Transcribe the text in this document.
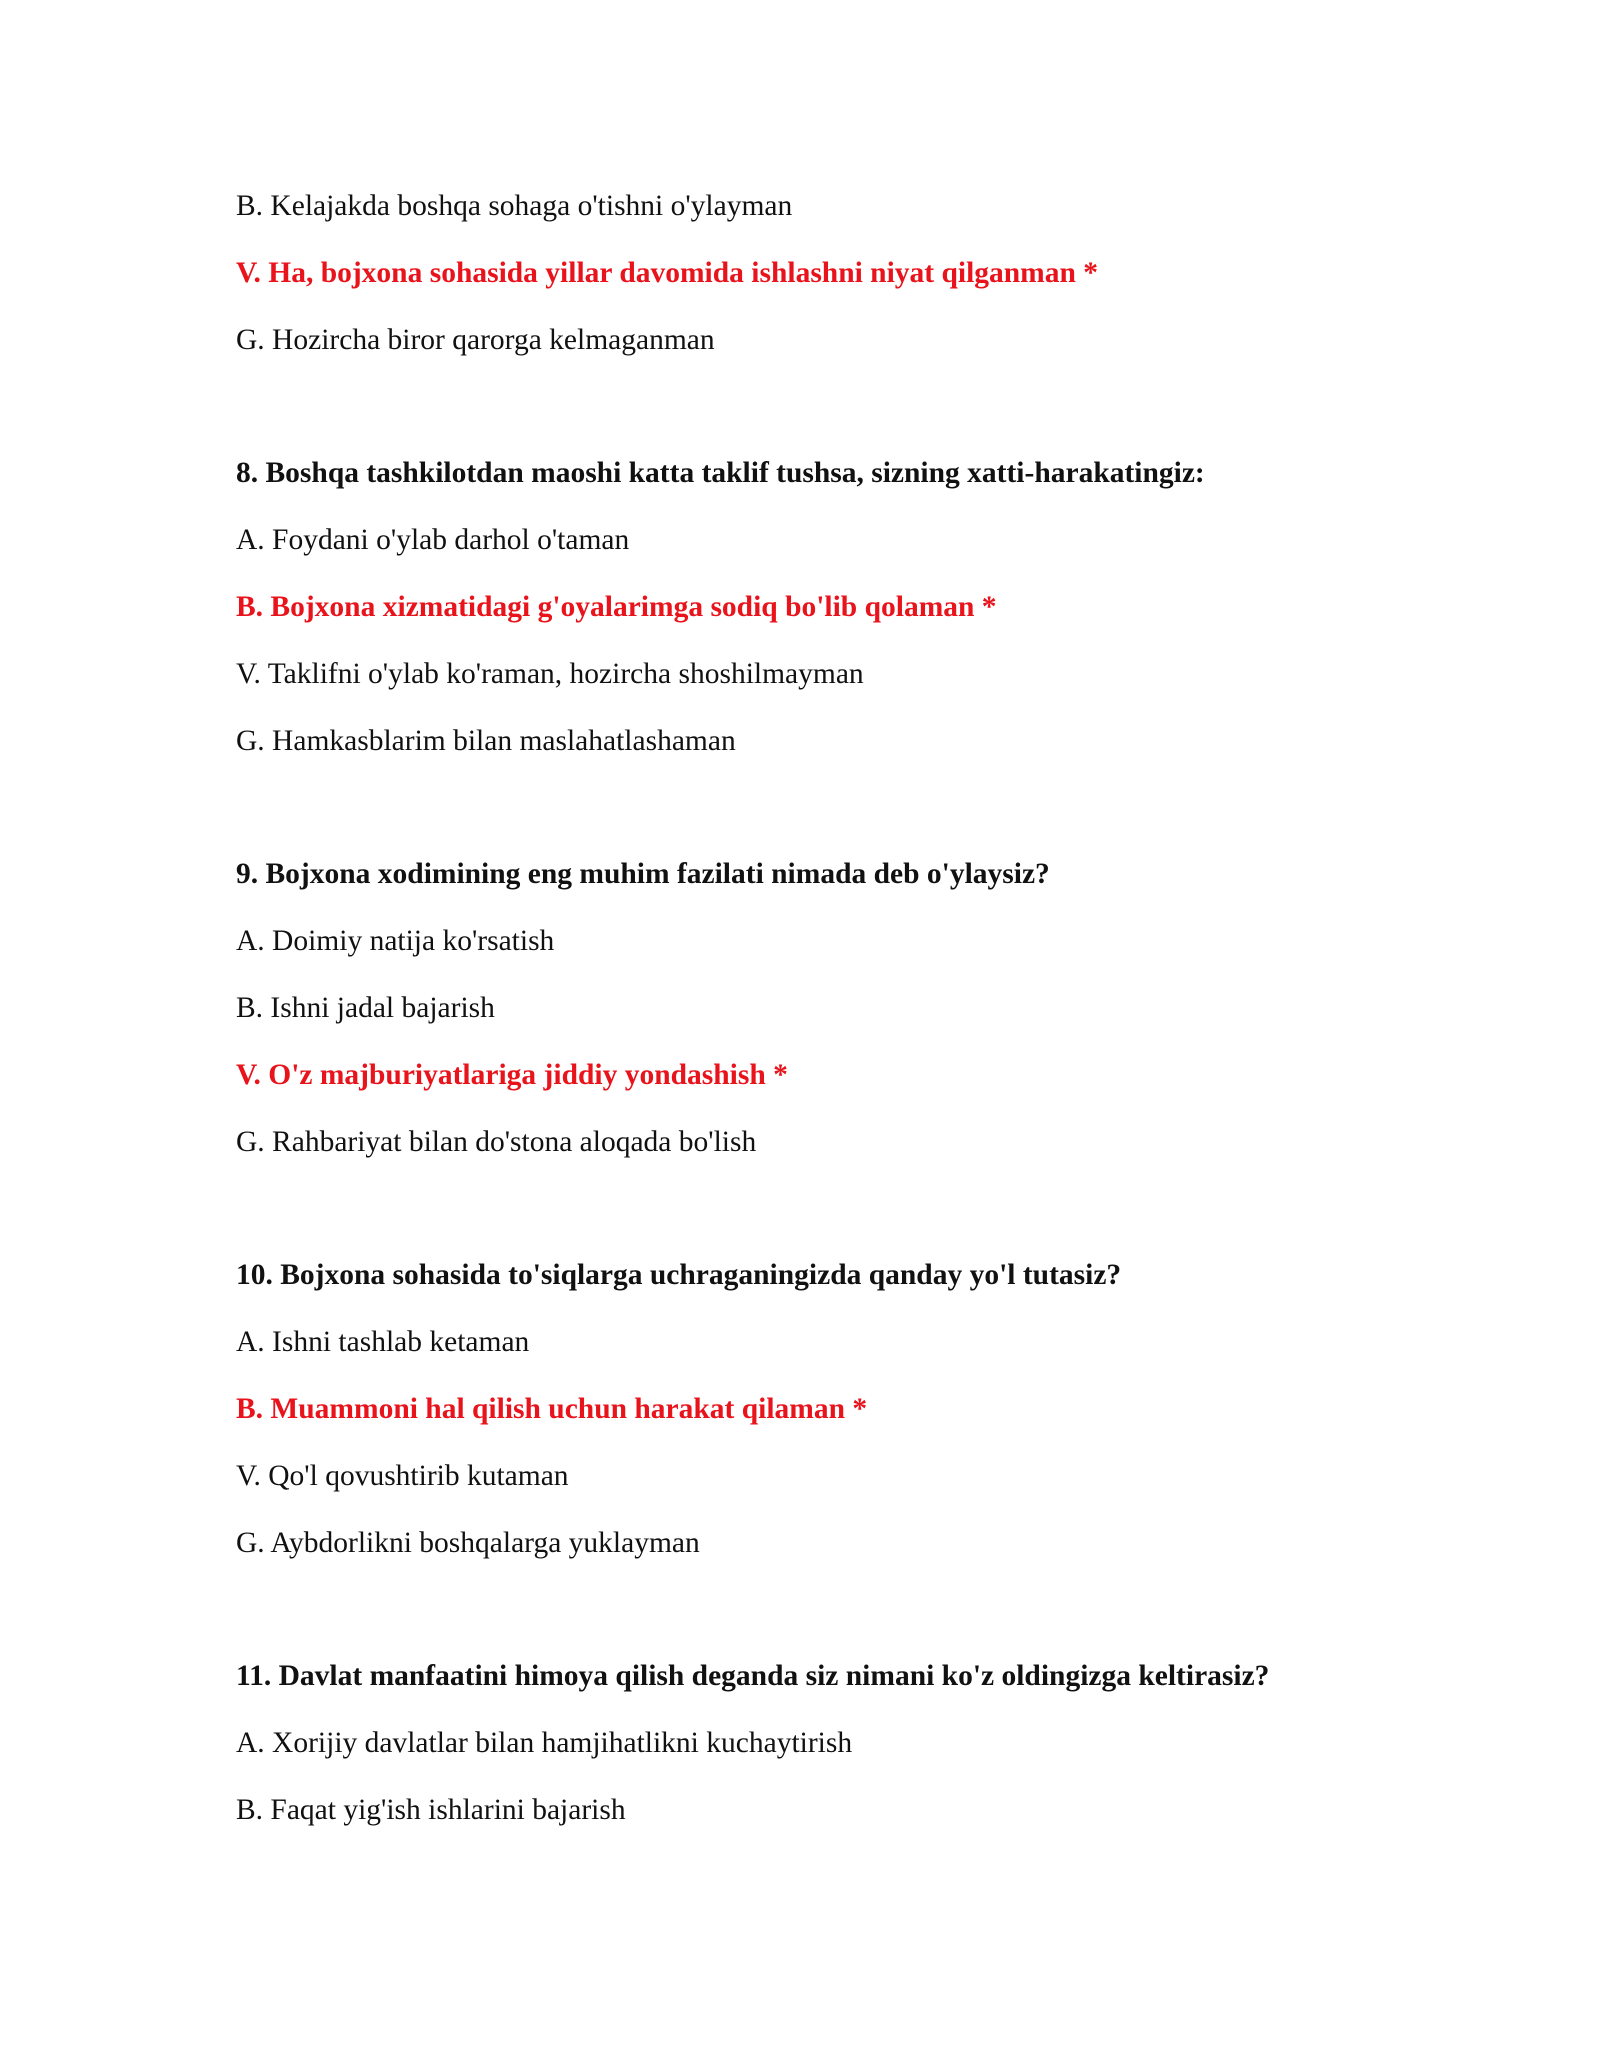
B. Kelajakda boshqa sohaga o'tishni o'ylayman
V. Ha, bojxona sohasida yillar davomida ishlashni niyat qilganman *
G. Hozircha biror qarorga kelmaganman
8. Boshqa tashkilotdan maoshi katta taklif tushsa, sizning xatti-harakatingiz:
A. Foydani o'ylab darhol o'taman
B. Bojxona xizmatidagi g'oyalarimga sodiq bo'lib qolaman *
V. Taklifni o'ylab ko'raman, hozircha shoshilmayman
G. Hamkasblarim bilan maslahatlashaman
9. Bojxona xodimining eng muhim fazilati nimada deb o'ylaysiz?
A. Doimiy natija ko'rsatish
B. Ishni jadal bajarish
V. O'z majburiyatlariga jiddiy yondashish *
G. Rahbariyat bilan do'stona aloqada bo'lish
10. Bojxona sohasida to'siqlarga uchraganingizda qanday yo'l tutasiz?
A. Ishni tashlab ketaman
B. Muammoni hal qilish uchun harakat qilaman *
V. Qo'l qovushtirib kutaman
G. Aybdorlikni boshqalarga yuklayman
11. Davlat manfaatini himoya qilish deganda siz nimani ko'z oldingizga keltirasiz?
A. Xorijiy davlatlar bilan hamjihatlikni kuchaytirish
B. Faqat yig'ish ishlarini bajarish
